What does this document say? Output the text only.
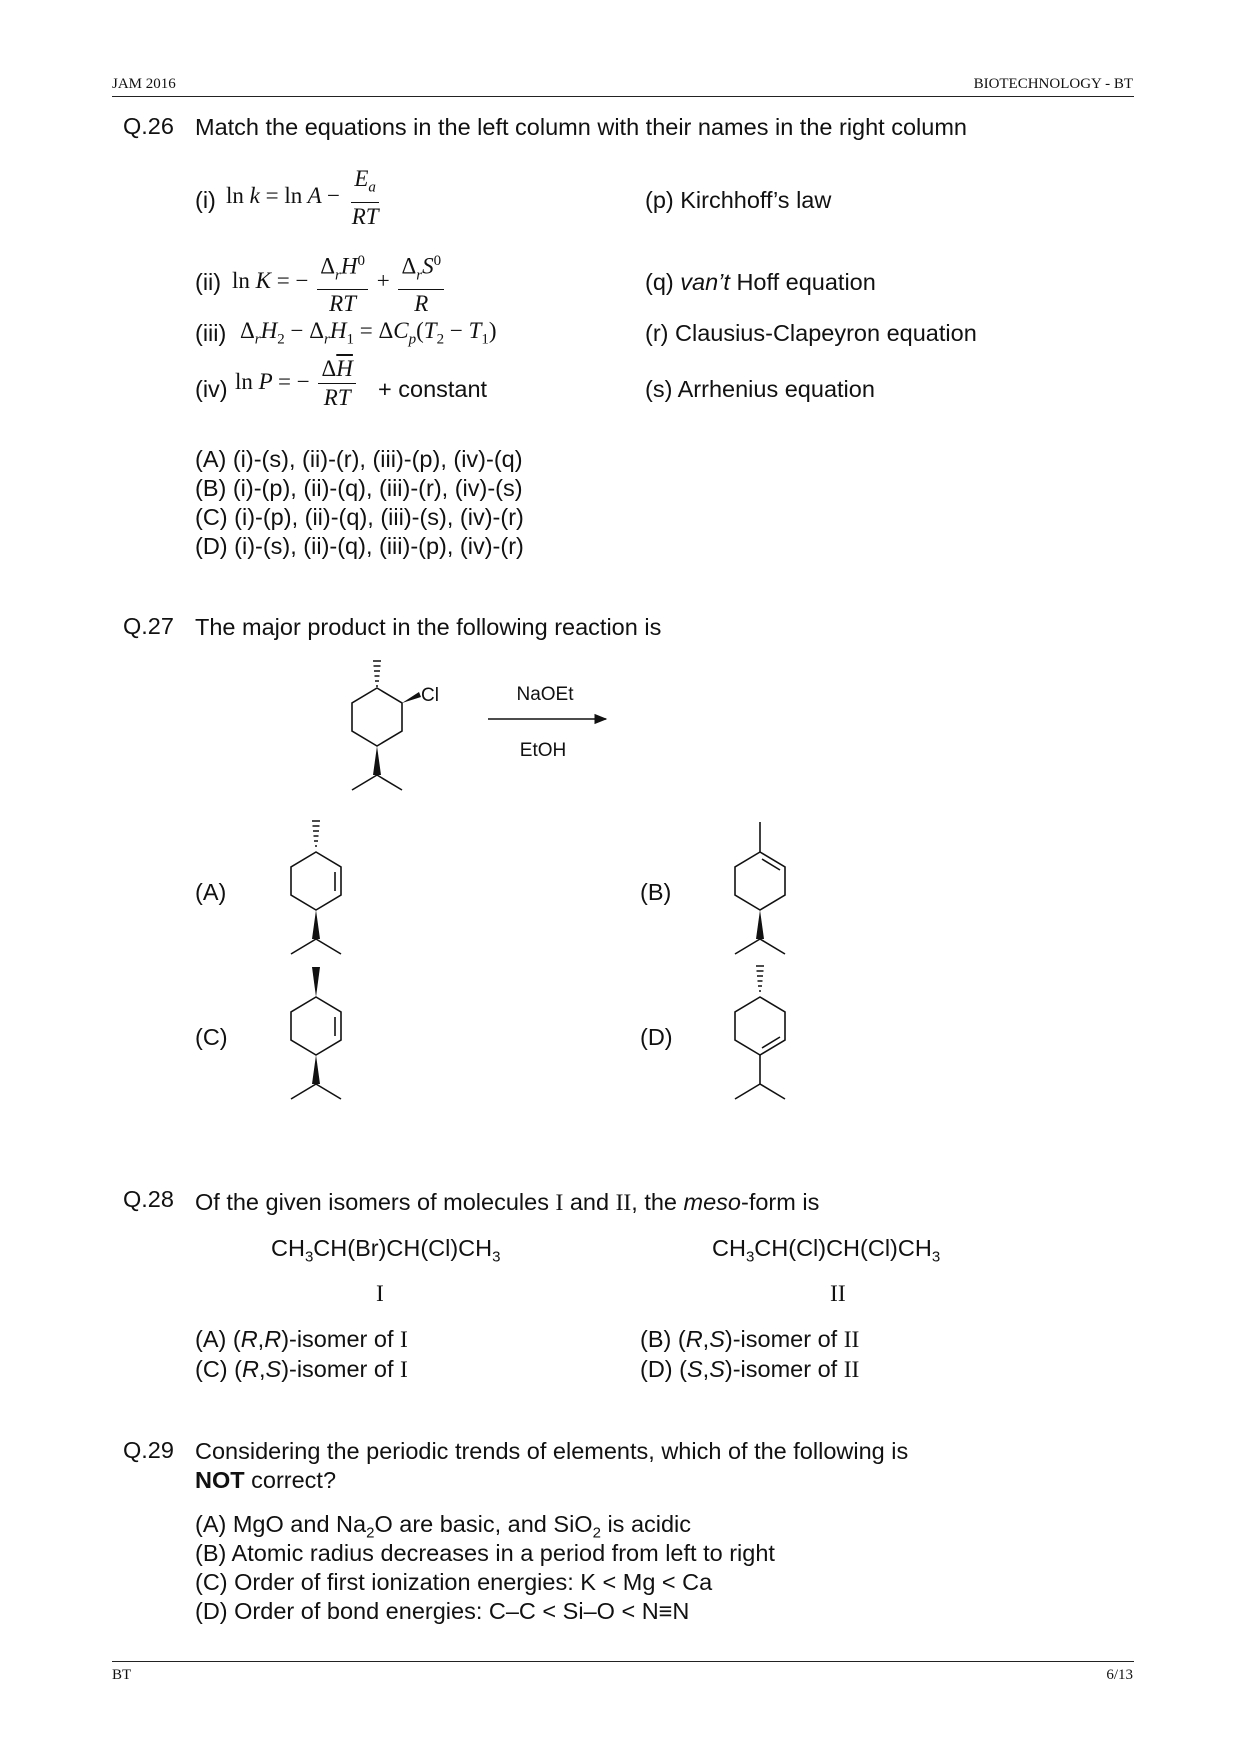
JAM 2016	BIOTECHNOLOGY - BT
Q.26 Match the equations in the left column with their names in the right column
(i) $\ln k = \ln A - \frac{E_a}{RT}$	(p) Kirchhoff’s law
(ii) ln K = − $\frac{\Delta_rH^0}{RT} + \frac{\Delta_rS^0}{R}$	(q) van’t Hoff equation
(iii) $\Delta_rH_2 - \Delta_rH_1 = \Delta C_p(T_2 - T_1)$	(r) Clausius-Clapeyron equation
(iv) ln P = − $\frac{\Delta\overline{H}}{RT}$ + constant	(s) Arrhenius equation
(A) (i)-(s), (ii)-(r), (iii)-(p), (iv)-(q)
(B) (i)-(p), (ii)-(q), (iii)-(r), (iv)-(s)
(C) (i)-(p), (ii)-(q), (iii)-(s), (iv)-(r)
(D) (i)-(s), (ii)-(q), (iii)-(p), (iv)-(r)
Q.27 The major product in the following reaction is
Cl	NaOEt
EtOH
(A)	(B)
(C)	(D)
Q.28 Of the given isomers of molecules I and II, the meso-form is
$CH_3CH(Br)CH(Cl)CH_3$	$CH_3CH(Cl)CH(Cl)CH_3$
I	II
(A) (R,R)-isomer of I	(B) (R,S)-isomer of II
(C) (R,S)-isomer of I	(D) (S,S)-isomer of II
Q.29 Considering the periodic trends of elements, which of the following is
NOT correct?
(A) MgO and $Na_2O$ are basic, and SiO$_2$ is acidic
(B) Atomic radius decreases in a period from left to right
(C) Order of first ionization energies: K < Mg < Ca
(D) Order of bond energies: C–C < Si–O < N≡N
BT	6/13
